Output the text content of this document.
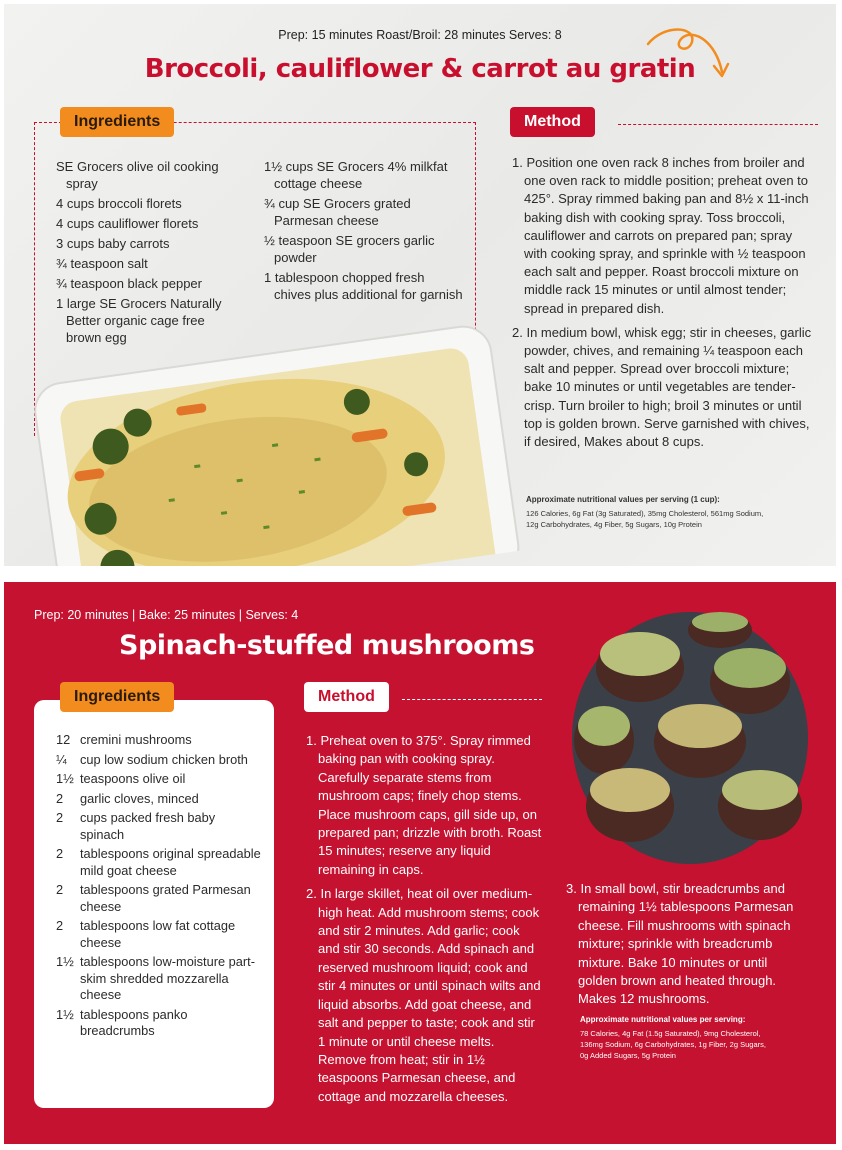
Prep: 15 minutes Roast/Broil: 28 minutes Serves: 8
Broccoli, cauliflower & carrot au gratin
Ingredients
SE Grocers olive oil cooking spray
4 cups broccoli florets
4 cups cauliflower florets
3 cups baby carrots
¾ teaspoon salt
¾ teaspoon black pepper
1 large SE Grocers Naturally Better organic cage free brown egg
1½ cups SE Grocers 4% milkfat cottage cheese
¾ cup SE Grocers grated Parmesan cheese
½ teaspoon SE grocers garlic powder
1 tablespoon chopped fresh chives plus additional for garnish
Method
1. Position one oven rack 8 inches from broiler and one oven rack to middle position; preheat oven to 425°. Spray rimmed baking pan and 8½ x 11-inch baking dish with cooking spray. Toss broccoli, cauliflower and carrots on prepared pan; spray with cooking spray, and sprinkle with ½ teaspoon each salt and pepper. Roast broccoli mixture on middle rack 15 minutes or until almost tender; spread in prepared dish.
2. In medium bowl, whisk egg; stir in cheeses, garlic powder, chives, and remaining ¼ teaspoon each salt and pepper. Spread over broccoli mixture; bake 10 minutes or until vegetables are tender-crisp. Turn broiler to high; broil 3 minutes or until top is golden brown. Serve garnished with chives, if desired, Makes about 8 cups.
Approximate nutritional values per serving (1 cup):
126 Calories, 6g Fat (3g Saturated), 35mg Cholesterol, 561mg Sodium,
12g Carbohydrates, 4g Fiber, 5g Sugars, 10g Protein
Prep: 20 minutes | Bake: 25 minutes | Serves: 4
Spinach-stuffed mushrooms
Ingredients
12 cremini mushrooms
¼	cup low sodium chicken broth
1½ teaspoons olive oil
2	garlic cloves, minced
2	cups packed fresh baby spinach
2	tablespoons original spreadable mild goat cheese
2	tablespoons grated Parmesan cheese
2	tablespoons low fat cottage cheese
1½ tablespoons low-moisture part-skim shredded mozzarella cheese
1½ tablespoons panko breadcrumbs
Method
1. Preheat oven to 375°. Spray rimmed baking pan with cooking spray. Carefully separate stems from mushroom caps; finely chop stems. Place mushroom caps, gill side up, on prepared pan; drizzle with broth. Roast 15 minutes; reserve any liquid remaining in caps.
2. In large skillet, heat oil over medium-high heat. Add mushroom stems; cook and stir 2 minutes. Add garlic; cook and stir 30 seconds. Add spinach and reserved mushroom liquid; cook and stir 4 minutes or until spinach wilts and liquid absorbs. Add goat cheese, and salt and pepper to taste; cook and stir 1 minute or until cheese melts. Remove from heat; stir in 1½ teaspoons Parmesan cheese, and cottage and mozzarella cheeses.
3. In small bowl, stir breadcrumbs and remaining 1½ tablespoons Parmesan cheese. Fill mushrooms with spinach mixture; sprinkle with breadcrumb mixture. Bake 10 minutes or until golden brown and heated through. Makes 12 mushrooms.
Approximate nutritional values per serving:
78 Calories, 4g Fat (1.5g Saturated), 9mg Cholesterol,
136mg Sodium, 6g Carbohydrates, 1g Fiber, 2g Sugars,
0g Added Sugars, 5g Protein
